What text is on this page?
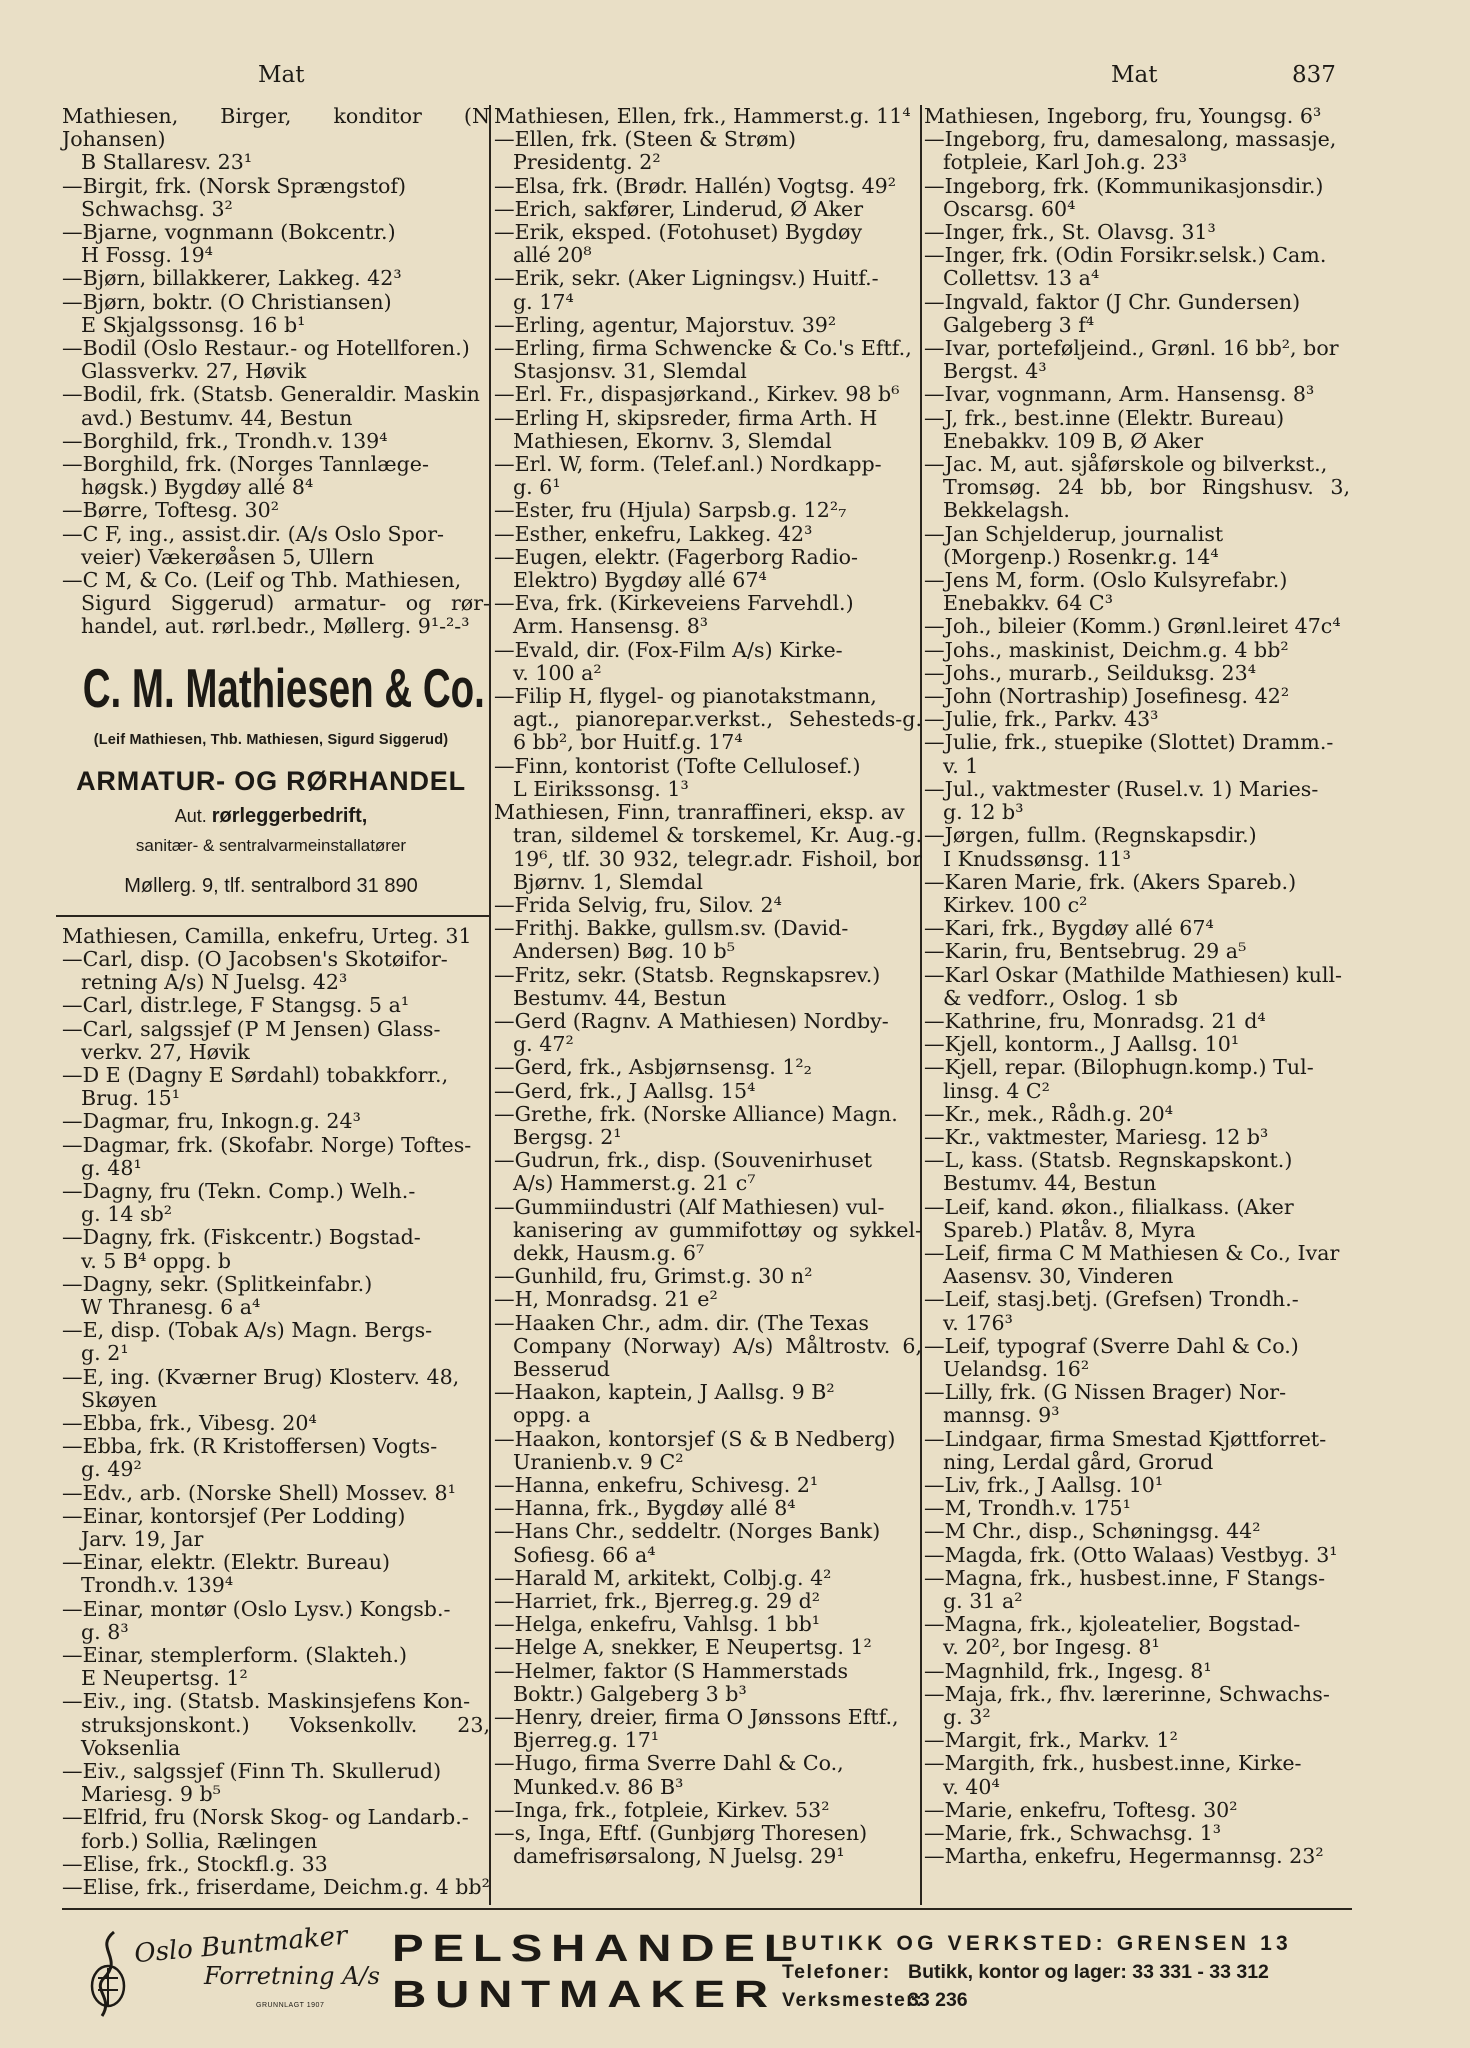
Mat	Mat	837

Mathiesen, Birger, konditor (N Johansen)
B Stallaresv. 23¹

—Birgit, frk. (Norsk Sprængstof)
Schwachsg. 3²

—Bjarne, vognmann (Bokcentr.)
H Fossg. 19⁴

—Bjørn, billakkerer, Lakkeg. 42³

—Bjørn, boktr. (O Christiansen)
E Skjalgssonsg. 16 b¹

—Bodil (Oslo Restaur.- og Hotellforen.)
Glassverkv. 27, Høvik

—Bodil, frk. (Statsb. Generaldir. Maskin
avd.) Bestumv. 44, Bestun

—Borghild, frk., Trondh.v. 139⁴

—Borghild, frk. (Norges Tannlæge-
høgsk.) Bygdøy allé 8⁴

—Børre, Toftesg. 30²

—C F, ing., assist.dir. (A/s Oslo Spor-
veier) Vækerøåsen 5, Ullern

—C M, & Co. (Leif og Thb. Mathiesen,
Sigurd Siggerud) armatur- og rør-handel, aut. rørl.bedr., Møllerg. 9¹-²-³

C. M. Mathiesen & Co.
(Leif Mathiesen, Thb. Mathiesen, Sigurd Siggerud)
ARMATUR- OG RØRHANDEL
Aut. rørleggerbedrift,
sanitær- & sentralvarmeinstallatører
Møllerg. 9, tlf. sentralbord 31 890

Mathiesen, Camilla, enkefru, Urteg. 31

—Carl, disp. (O Jacobsen's Skotøifor-
retning A/s) N Juelsg. 42³

—Carl, distr.lege, F Stangsg. 5 a¹

—Carl, salgssjef (P M Jensen) Glass-
verkv. 27, Høvik

—D E (Dagny E Sørdahl) tobakkforr.,
Brug. 15¹

—Dagmar, fru, Inkogn.g. 24³

—Dagmar, frk. (Skofabr. Norge) Toftes-
g. 48¹

—Dagny, fru (Tekn. Comp.) Welh.-
g. 14 sb²

—Dagny, frk. (Fiskcentr.) Bogstad-
v. 5 B⁴ oppg. b

—Dagny, sekr. (Splitkeinfabr.)
W Thranesg. 6 a⁴

—E, disp. (Tobak A/s) Magn. Bergs-
g. 2¹

—E, ing. (Kværner Brug) Klosterv. 48,
Skøyen

—Ebba, frk., Vibesg. 20⁴

—Ebba, frk. (R Kristoffersen) Vogts-
g. 49²

—Edv., arb. (Norske Shell) Mossev. 8¹

—Einar, kontorsjef (Per Lodding)
Jarv. 19, Jar

—Einar, elektr. (Elektr. Bureau)
Trondh.v. 139⁴

—Einar, montør (Oslo Lysv.) Kongsb.-
g. 8³

—Einar, stemplerform. (Slakteh.)
E Neupertsg. 1²

—Eiv., ing. (Statsb. Maskinsjefens Kon-
struksjonskont.) Voksenkollv. 23, Voksenlia

—Eiv., salgssjef (Finn Th. Skullerud)
Mariesg. 9 b⁵

—Elfrid, fru (Norsk Skog- og Landarb.-
forb.) Sollia, Rælingen

—Elise, frk., Stockfl.g. 33

—Elise, frk., friserdame, Deichm.g. 4 bb²

Mathiesen, Ellen, frk., Hammerst.g. 11⁴

—Ellen, frk. (Steen & Strøm)
Presidentg. 2²

—Elsa, frk. (Brødr. Hallén) Vogtsg. 49²

—Erich, sakfører, Linderud, Ø Aker

—Erik, eksped. (Fotohuset) Bygdøy
allé 20⁸

—Erik, sekr. (Aker Ligningsv.) Huitf.-
g. 17⁴

—Erling, agentur, Majorstuv. 39²

—Erling, firma Schwencke & Co.'s Eftf.,
Stasjonsv. 31, Slemdal

—Erl. Fr., dispasjørkand., Kirkev. 98 b⁶

—Erling H, skipsreder, firma Arth. H
Mathiesen, Ekornv. 3, Slemdal

—Erl. W, form. (Telef.anl.) Nordkapp-
g. 6¹

—Ester, fru (Hjula) Sarpsb.g. 12²₇

—Esther, enkefru, Lakkeg. 42³

—Eugen, elektr. (Fagerborg Radio-
Elektro) Bygdøy allé 67⁴

—Eva, frk. (Kirkeveiens Farvehdl.)
Arm. Hansensg. 8³

—Evald, dir. (Fox-Film A/s) Kirke-
v. 100 a²

—Filip H, flygel- og pianotakstmann,
agt., pianorepar.verkst., Sehesteds-g. 6 bb², bor Huitf.g. 17⁴

—Finn, kontorist (Tofte Cellulosef.)
L Eirikssonsg. 1³

Mathiesen, Finn, tranraffineri, eksp. av
tran, sildemel & torskemel, Kr. Aug.-g. 19⁶, tlf. 30 932, telegr.adr. Fishoil, bor Bjørnv. 1, Slemdal

—Frida Selvig, fru, Silov. 2⁴

—Frithj. Bakke, gullsm.sv. (David-
Andersen) Bøg. 10 b⁵

—Fritz, sekr. (Statsb. Regnskapsrev.)
Bestumv. 44, Bestun

—Gerd (Ragnv. A Mathiesen) Nordby-
g. 47²

—Gerd, frk., Asbjørnsensg. 1²₂

—Gerd, frk., J Aallsg. 15⁴

—Grethe, frk. (Norske Alliance) Magn.
Bergsg. 2¹

—Gudrun, frk., disp. (Souvenirhuset
A/s) Hammerst.g. 21 c⁷

—Gummiindustri (Alf Mathiesen) vul-
kanisering av gummifottøy og sykkel-dekk, Hausm.g. 6⁷

—Gunhild, fru, Grimst.g. 30 n²

—H, Monradsg. 21 e²

—Haaken Chr., adm. dir. (The Texas
Company (Norway) A/s) Måltrostv. 6, Besserud

—Haakon, kaptein, J Aallsg. 9 B²
oppg. a

—Haakon, kontorsjef (S & B Nedberg)
Uranienb.v. 9 C²

—Hanna, enkefru, Schivesg. 2¹

—Hanna, frk., Bygdøy allé 8⁴

—Hans Chr., seddeltr. (Norges Bank)
Sofiesg. 66 a⁴

—Harald M, arkitekt, Colbj.g. 4²

—Harriet, frk., Bjerreg.g. 29 d²

—Helga, enkefru, Vahlsg. 1 bb¹

—Helge A, snekker, E Neupertsg. 1²

—Helmer, faktor (S Hammerstads
Boktr.) Galgeberg 3 b³

—Henry, dreier, firma O Jønssons Eftf.,
Bjerreg.g. 17¹

—Hugo, firma Sverre Dahl & Co.,
Munked.v. 86 B³

—Inga, frk., fotpleie, Kirkev. 53²

—s, Inga, Eftf. (Gunbjørg Thoresen)
damefrisørsalong, N Juelsg. 29¹

Mathiesen, Ingeborg, fru, Youngsg. 6³

—Ingeborg, fru, damesalong, massasje,
fotpleie, Karl Joh.g. 23³

—Ingeborg, frk. (Kommunikasjonsdir.)
Oscarsg. 60⁴

—Inger, frk., St. Olavsg. 31³

—Inger, frk. (Odin Forsikr.selsk.) Cam.
Collettsv. 13 a⁴

—Ingvald, faktor (J Chr. Gundersen)
Galgeberg 3 f⁴

—Ivar, porteføljeind., Grønl. 16 bb², bor
Bergst. 4³

—Ivar, vognmann, Arm. Hansensg. 8³

—J, frk., best.inne (Elektr. Bureau)
Enebakkv. 109 B, Ø Aker

—Jac. M, aut. sjåførskole og bilverkst.,
Tromsøg. 24 bb, bor Ringshusv. 3, Bekkelagsh.

—Jan Schjelderup, journalist
(Morgenp.) Rosenkr.g. 14⁴

—Jens M, form. (Oslo Kulsyrefabr.)
Enebakkv. 64 C³

—Joh., bileier (Komm.) Grønl.leiret 47c⁴

—Johs., maskinist, Deichm.g. 4 bb²

—Johs., murarb., Seilduksg. 23⁴

—John (Nortraship) Josefinesg. 42²

—Julie, frk., Parkv. 43³

—Julie, frk., stuepike (Slottet) Dramm.-
v. 1

—Jul., vaktmester (Rusel.v. 1) Maries-
g. 12 b³

—Jørgen, fullm. (Regnskapsdir.)
I Knudssønsg. 11³

—Karen Marie, frk. (Akers Spareb.)
Kirkev. 100 c²

—Kari, frk., Bygdøy allé 67⁴

—Karin, fru, Bentsebrug. 29 a⁵

—Karl Oskar (Mathilde Mathiesen) kull-
& vedforr., Oslog. 1 sb

—Kathrine, fru, Monradsg. 21 d⁴

—Kjell, kontorm., J Aallsg. 10¹

—Kjell, repar. (Bilophugn.komp.) Tul-
linsg. 4 C²

—Kr., mek., Rådh.g. 20⁴

—Kr., vaktmester, Mariesg. 12 b³

—L, kass. (Statsb. Regnskapskont.)
Bestumv. 44, Bestun

—Leif, kand. økon., filialkass. (Aker
Spareb.) Platåv. 8, Myra

—Leif, firma C M Mathiesen & Co., Ivar
Aasensv. 30, Vinderen

—Leif, stasj.betj. (Grefsen) Trondh.-
v. 176³

—Leif, typograf (Sverre Dahl & Co.)
Uelandsg. 16²

—Lilly, frk. (G Nissen Brager) Nor-
mannsg. 9³

—Lindgaar, firma Smestad Kjøttforret-
ning, Lerdal gård, Grorud

—Liv, frk., J Aallsg. 10¹

—M, Trondh.v. 175¹

—M Chr., disp., Schøningsg. 44²

—Magda, frk. (Otto Walaas) Vestbyg. 3¹

—Magna, frk., husbest.inne, F Stangs-
g. 31 a²

—Magna, frk., kjoleatelier, Bogstad-
v. 20², bor Ingesg. 8¹

—Magnhild, frk., Ingesg. 8¹

—Maja, frk., fhv. lærerinne, Schwachs-
g. 3²

—Margit, frk., Markv. 1²

—Margith, frk., husbest.inne, Kirke-
v. 40⁴

—Marie, enkefru, Toftesg. 30²

—Marie, frk., Schwachsg. 1³

—Martha, enkefru, Hegermannsg. 23²

Oslo Buntmaker
Forretning A/s
GRUNNLAGT 1907
PELSHANDEL
BUNTMAKER
BUTIKK OG VERKSTED: GRENSEN 13
Telefoner: Butikk, kontor og lager: 33 331 - 33 312
Verksmester:33 236
